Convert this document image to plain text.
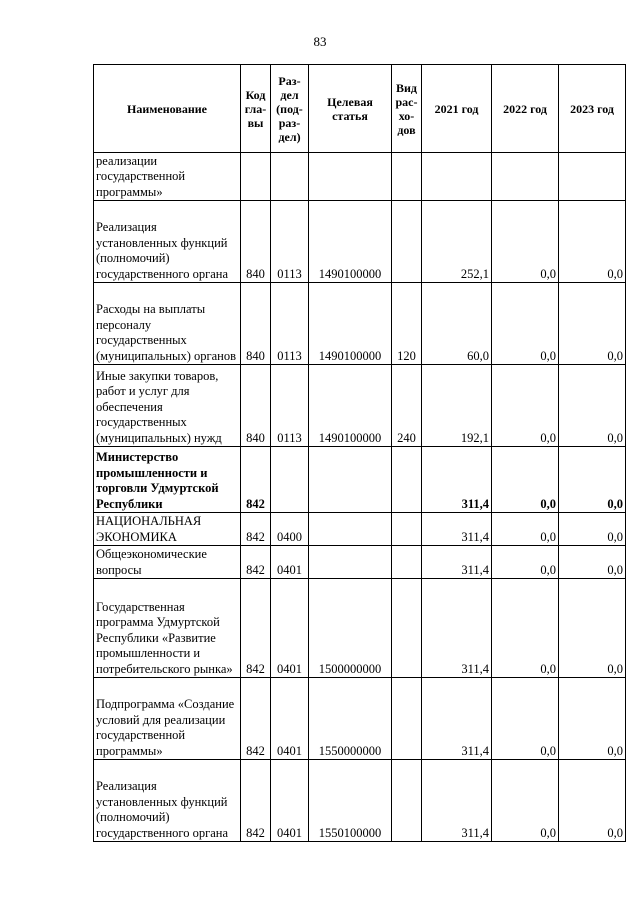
83
Наименование	Код гла-вы	Раз-дел (под-раз-дел)	Целевая статья	Вид рас-хо-дов	2021 год	2022 год	2023 год
реализации государственной программы»							
Реализация установленных функций (полномочий) государственного органа	840	0113	1490100000		252,1	0,0	0,0
Расходы на выплаты персоналу государственных (муниципальных) органов	840	0113	1490100000	120	60,0	0,0	0,0
Иные закупки товаров, работ и услуг для обеспечения государственных (муниципальных) нужд	840	0113	1490100000	240	192,1	0,0	0,0
Министерство промышленности и торговли Удмуртской Республики	842				311,4	0,0	0,0
НАЦИОНАЛЬНАЯ ЭКОНОМИКА	842	0400			311,4	0,0	0,0
Общеэкономические вопросы	842	0401			311,4	0,0	0,0
Государственная программа Удмуртской Республики «Развитие промышленности и потребительского рынка»	842	0401	1500000000		311,4	0,0	0,0
Подпрограмма «Создание условий для реализации государственной программы»	842	0401	1550000000		311,4	0,0	0,0
Реализация установленных функций (полномочий) государственного органа	842	0401	1550100000		311,4	0,0	0,0
